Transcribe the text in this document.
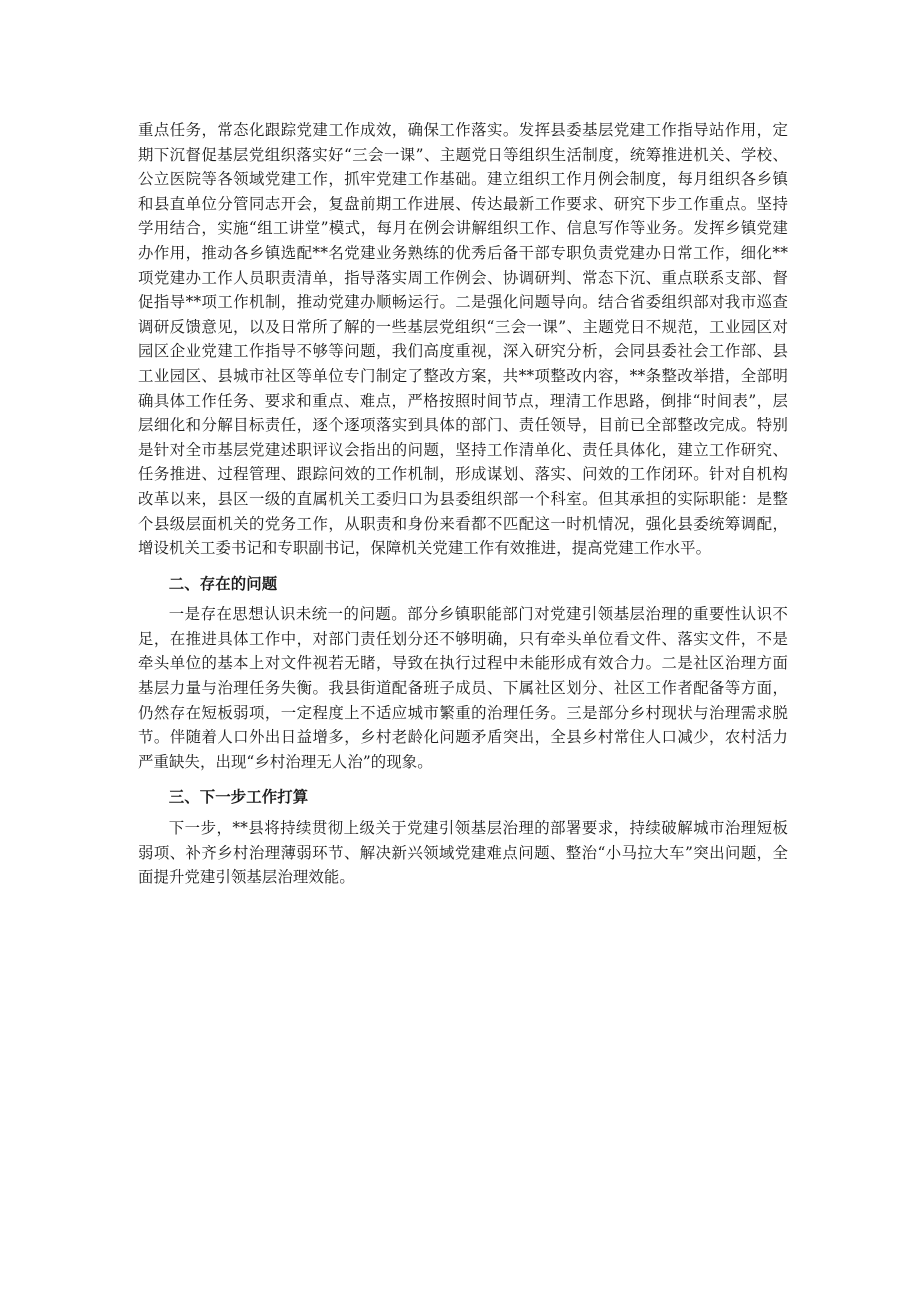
重点任务，常态化跟踪党建工作成效，确保工作落实。发挥县委基层党建工作指导站作用，定期下沉督促基层党组织落实好“三会一课”、主题党日等组织生活制度，统筹推进机关、学校、公立医院等各领域党建工作，抓牢党建工作基础。建立组织工作月例会制度，每月组织各乡镇和县直单位分管同志开会，复盘前期工作进展、传达最新工作要求、研究下步工作重点。坚持学用结合，实施“组工讲堂”模式，每月在例会讲解组织工作、信息写作等业务。发挥乡镇党建办作用，推动各乡镇选配**名党建业务熟练的优秀后备干部专职负责党建办日常工作，细化**项党建办工作人员职责清单，指导落实周工作例会、协调研判、常态下沉、重点联系支部、督促指导**项工作机制，推动党建办顺畅运行。二是强化问题导向。结合省委组织部对我市巡查调研反馈意见，以及日常所了解的一些基层党组织“三会一课”、主题党日不规范，工业园区对园区企业党建工作指导不够等问题，我们高度重视，深入研究分析，会同县委社会工作部、县工业园区、县城市社区等单位专门制定了整改方案，共**项整改内容，**条整改举措，全部明确具体工作任务、要求和重点、难点，严格按照时间节点，理清工作思路，倒排“时间表”，层层细化和分解目标责任，逐个逐项落实到具体的部门、责任领导，目前已全部整改完成。特别是针对全市基层党建述职评议会指出的问题，坚持工作清单化、责任具体化，建立工作研究、任务推进、过程管理、跟踪问效的工作机制，形成谋划、落实、问效的工作闭环。针对自机构改革以来，县区一级的直属机关工委归口为县委组织部一个科室。但其承担的实际职能：是整个县级层面机关的党务工作，从职责和身份来看都不匹配这一时机情况，强化县委统筹调配，增设机关工委书记和专职副书记，保障机关党建工作有效推进，提高党建工作水平。

二、存在的问题

一是存在思想认识未统一的问题。部分乡镇职能部门对党建引领基层治理的重要性认识不足，在推进具体工作中，对部门责任划分还不够明确，只有牵头单位看文件、落实文件，不是牵头单位的基本上对文件视若无睹，导致在执行过程中未能形成有效合力。二是社区治理方面基层力量与治理任务失衡。我县街道配备班子成员、下属社区划分、社区工作者配备等方面，仍然存在短板弱项，一定程度上不适应城市繁重的治理任务。三是部分乡村现状与治理需求脱节。伴随着人口外出日益增多，乡村老龄化问题矛盾突出，全县乡村常住人口减少，农村活力严重缺失，出现“乡村治理无人治”的现象。

三、下一步工作打算

下一步，**县将持续贯彻上级关于党建引领基层治理的部署要求，持续破解城市治理短板弱项、补齐乡村治理薄弱环节、解决新兴领域党建难点问题、整治“小马拉大车”突出问题，全面提升党建引领基层治理效能。
